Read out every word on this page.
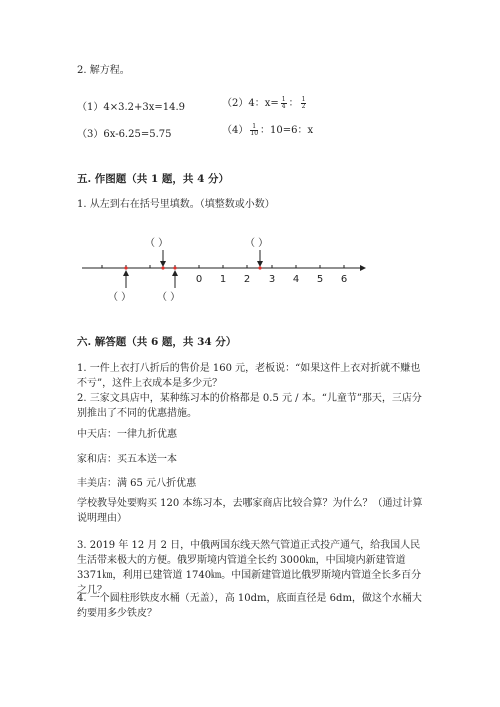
2. 解方程。
（1）4×3.2+3x=14.9	（2）4：$x= \frac{1}{4}$ ： $\frac{1}{2}$
（3）6x-6.25=5.75	$(4) \frac{1}{10}$ ：10=6：x
五. 作图题（共 1 题，共 4 分）
1. 从左到右在括号里填数。（填整数或小数）
（ ）	（ ）
0 1 2 3 4 5 6
（ ）	（ ）
六. 解答题（共 6 题，共 34 分）
1. 一件上衣打八折后的售价是 160 元，老板说：“如果这件上衣对折就不赚也不亏”，这件上衣成本是多少元？
2. 三家文具店中，某种练习本的价格都是 0.5 元 / 本。“儿童节”那天，三店分别推出了不同的优惠措施。
中天店：一律九折优惠
家和店：买五本送一本
丰美店：满 65 元八折优惠
学校教导处要购买 120 本练习本，去哪家商店比较合算？为什么？（通过计算说明理由）
3. 2019 年 12 月 2 日，中俄两国东线天然气管道正式投产通气，给我国人民生活带来极大的方便。俄罗斯境内管道全长约 3000㎞，中国境内新建管道 3371㎞，利用已建管道 1740㎞。中国新建管道比俄罗斯境内管道全长多百分之几？
4. 一个圆柱形铁皮水桶（无盖），高 10dm，底面直径是 6dm，做这个水桶大约要用多少铁皮？
